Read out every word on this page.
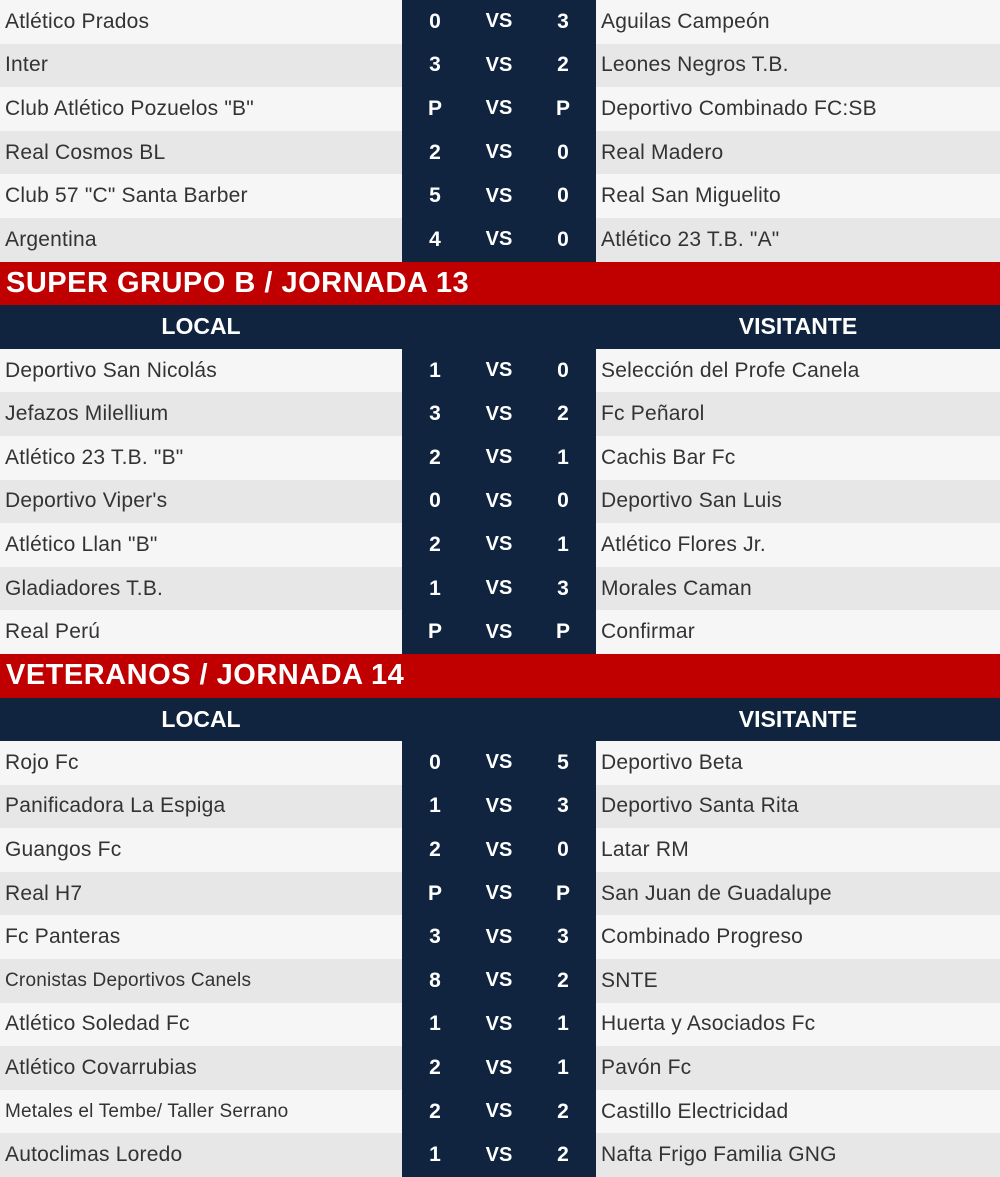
Atlético Prados	0	VS	3	Aguilas Campeón
Inter	3	VS	2	Leones Negros T.B.
Club Atlético Pozuelos "B"	P	VS	P	Deportivo Combinado FC:SB
Real Cosmos BL	2	VS	0	Real Madero
Club 57 "C" Santa Barber	5	VS	0	Real San Miguelito
Argentina	4	VS	0	Atlético 23 T.B. "A"
SUPER GRUPO B / JORNADA 13
LOCAL	VISITANTE
Deportivo San Nicolás	1	VS	0	Selección del Profe Canela
Jefazos Milellium	3	VS	2	Fc Peñarol
Atlético 23 T.B. "B"	2	VS	1	Cachis Bar Fc
Deportivo Viper's	0	VS	0	Deportivo San Luis
Atlético Llan "B"	2	VS	1	Atlético Flores Jr.
Gladiadores T.B.	1	VS	3	Morales Caman
Real Perú	P	VS	P	Confirmar
VETERANOS / JORNADA 14
LOCAL	VISITANTE
Rojo Fc	0	VS	5	Deportivo Beta
Panificadora La Espiga	1	VS	3	Deportivo Santa Rita
Guangos Fc	2	VS	0	Latar RM
Real H7	P	VS	P	San Juan de Guadalupe
Fc Panteras	3	VS	3	Combinado Progreso
Cronistas Deportivos Canels	8	VS	2	SNTE
Atlético Soledad Fc	1	VS	1	Huerta y Asociados Fc
Atlético Covarrubias	2	VS	1	Pavón Fc
Metales el Tembe/ Taller Serrano	2	VS	2	Castillo Electricidad
Autoclimas Loredo	1	VS	2	Nafta Frigo Familia GNG
